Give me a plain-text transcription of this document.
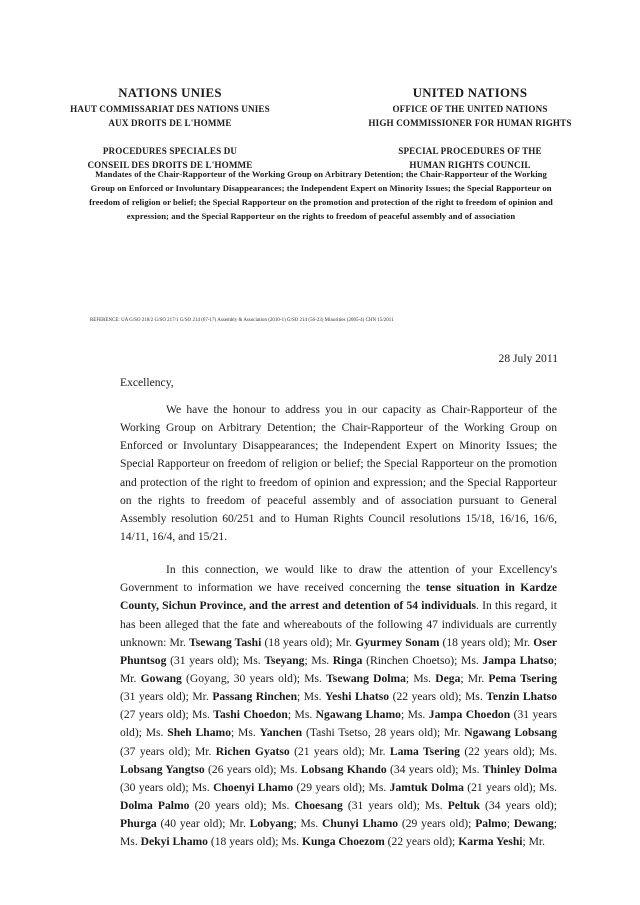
NATIONS UNIES
HAUT COMMISSARIAT DES NATIONS UNIES
AUX DROITS DE L'HOMME
PROCEDURES SPECIALES DU
CONSEIL DES DROITS DE L'HOMME
UNITED NATIONS
OFFICE OF THE UNITED NATIONS
HIGH COMMISSIONER FOR HUMAN RIGHTS
SPECIAL PROCEDURES OF THE
HUMAN RIGHTS COUNCIL
Mandates of the Chair-Rapporteur of the Working Group on Arbitrary Detention; the Chair-Rapporteur of the Working Group on Enforced or Involuntary Disappearances; the Independent Expert on Minority Issues; the Special Rapporteur on freedom of religion or belief; the Special Rapporteur on the promotion and protection of the right to freedom of opinion and expression; and the Special Rapporteur on the rights to freedom of peaceful assembly and of association
REFERENCE: UA G/SO 218/2 G/SO 217/1 G/SO 214 (67-17) Assembly & Association (2010-1) G/SO 214 (56-23) Minorities (2005-4) CHN 15/2011
28 July 2011
Excellency,

We have the honour to address you in our capacity as Chair-Rapporteur of the Working Group on Arbitrary Detention; the Chair-Rapporteur of the Working Group on Enforced or Involuntary Disappearances; the Independent Expert on Minority Issues; the Special Rapporteur on freedom of religion or belief; the Special Rapporteur on the promotion and protection of the right to freedom of opinion and expression; and the Special Rapporteur on the rights to freedom of peaceful assembly and of association pursuant to General Assembly resolution 60/251 and to Human Rights Council resolutions 15/18, 16/16, 16/6, 14/11, 16/4, and 15/21.

In this connection, we would like to draw the attention of your Excellency's Government to information we have received concerning the tense situation in Kardze County, Sichun Province, and the arrest and detention of 54 individuals. In this regard, it has been alleged that the fate and whereabouts of the following 47 individuals are currently unknown: Mr. Tsewang Tashi (18 years old); Mr. Gyurmey Sonam (18 years old); Mr. Oser Phuntsog (31 years old); Ms. Tseyang; Ms. Ringa (Rinchen Choetso); Ms. Jampa Lhatso; Mr. Gowang (Goyang, 30 years old); Ms. Tsewang Dolma; Ms. Dega; Mr. Pema Tsering (31 years old); Mr. Passang Rinchen; Ms. Yeshi Lhatso (22 years old); Ms. Tenzin Lhatso (27 years old); Ms. Tashi Choedon; Ms. Ngawang Lhamo; Ms. Jampa Choedon (31 years old); Ms. Sheh Lhamo; Ms. Yanchen (Tashi Tsetso, 28 years old); Mr. Ngawang Lobsang (37 years old); Mr. Richen Gyatso (21 years old); Mr. Lama Tsering (22 years old); Ms. Lobsang Yangtso (26 years old); Ms. Lobsang Khando (34 years old); Ms. Thinley Dolma (30 years old); Ms. Choenyi Lhamo (29 years old); Ms. Jamtuk Dolma (21 years old); Ms. Dolma Palmo (20 years old); Ms. Choesang (31 years old); Ms. Peltuk (34 years old); Phurga (40 year old); Mr. Lobyang; Ms. Chunyi Lhamo (29 years old); Palmo; Dewang; Ms. Dekyi Lhamo (18 years old); Ms. Kunga Choezom (22 years old); Karma Yeshi; Mr.
